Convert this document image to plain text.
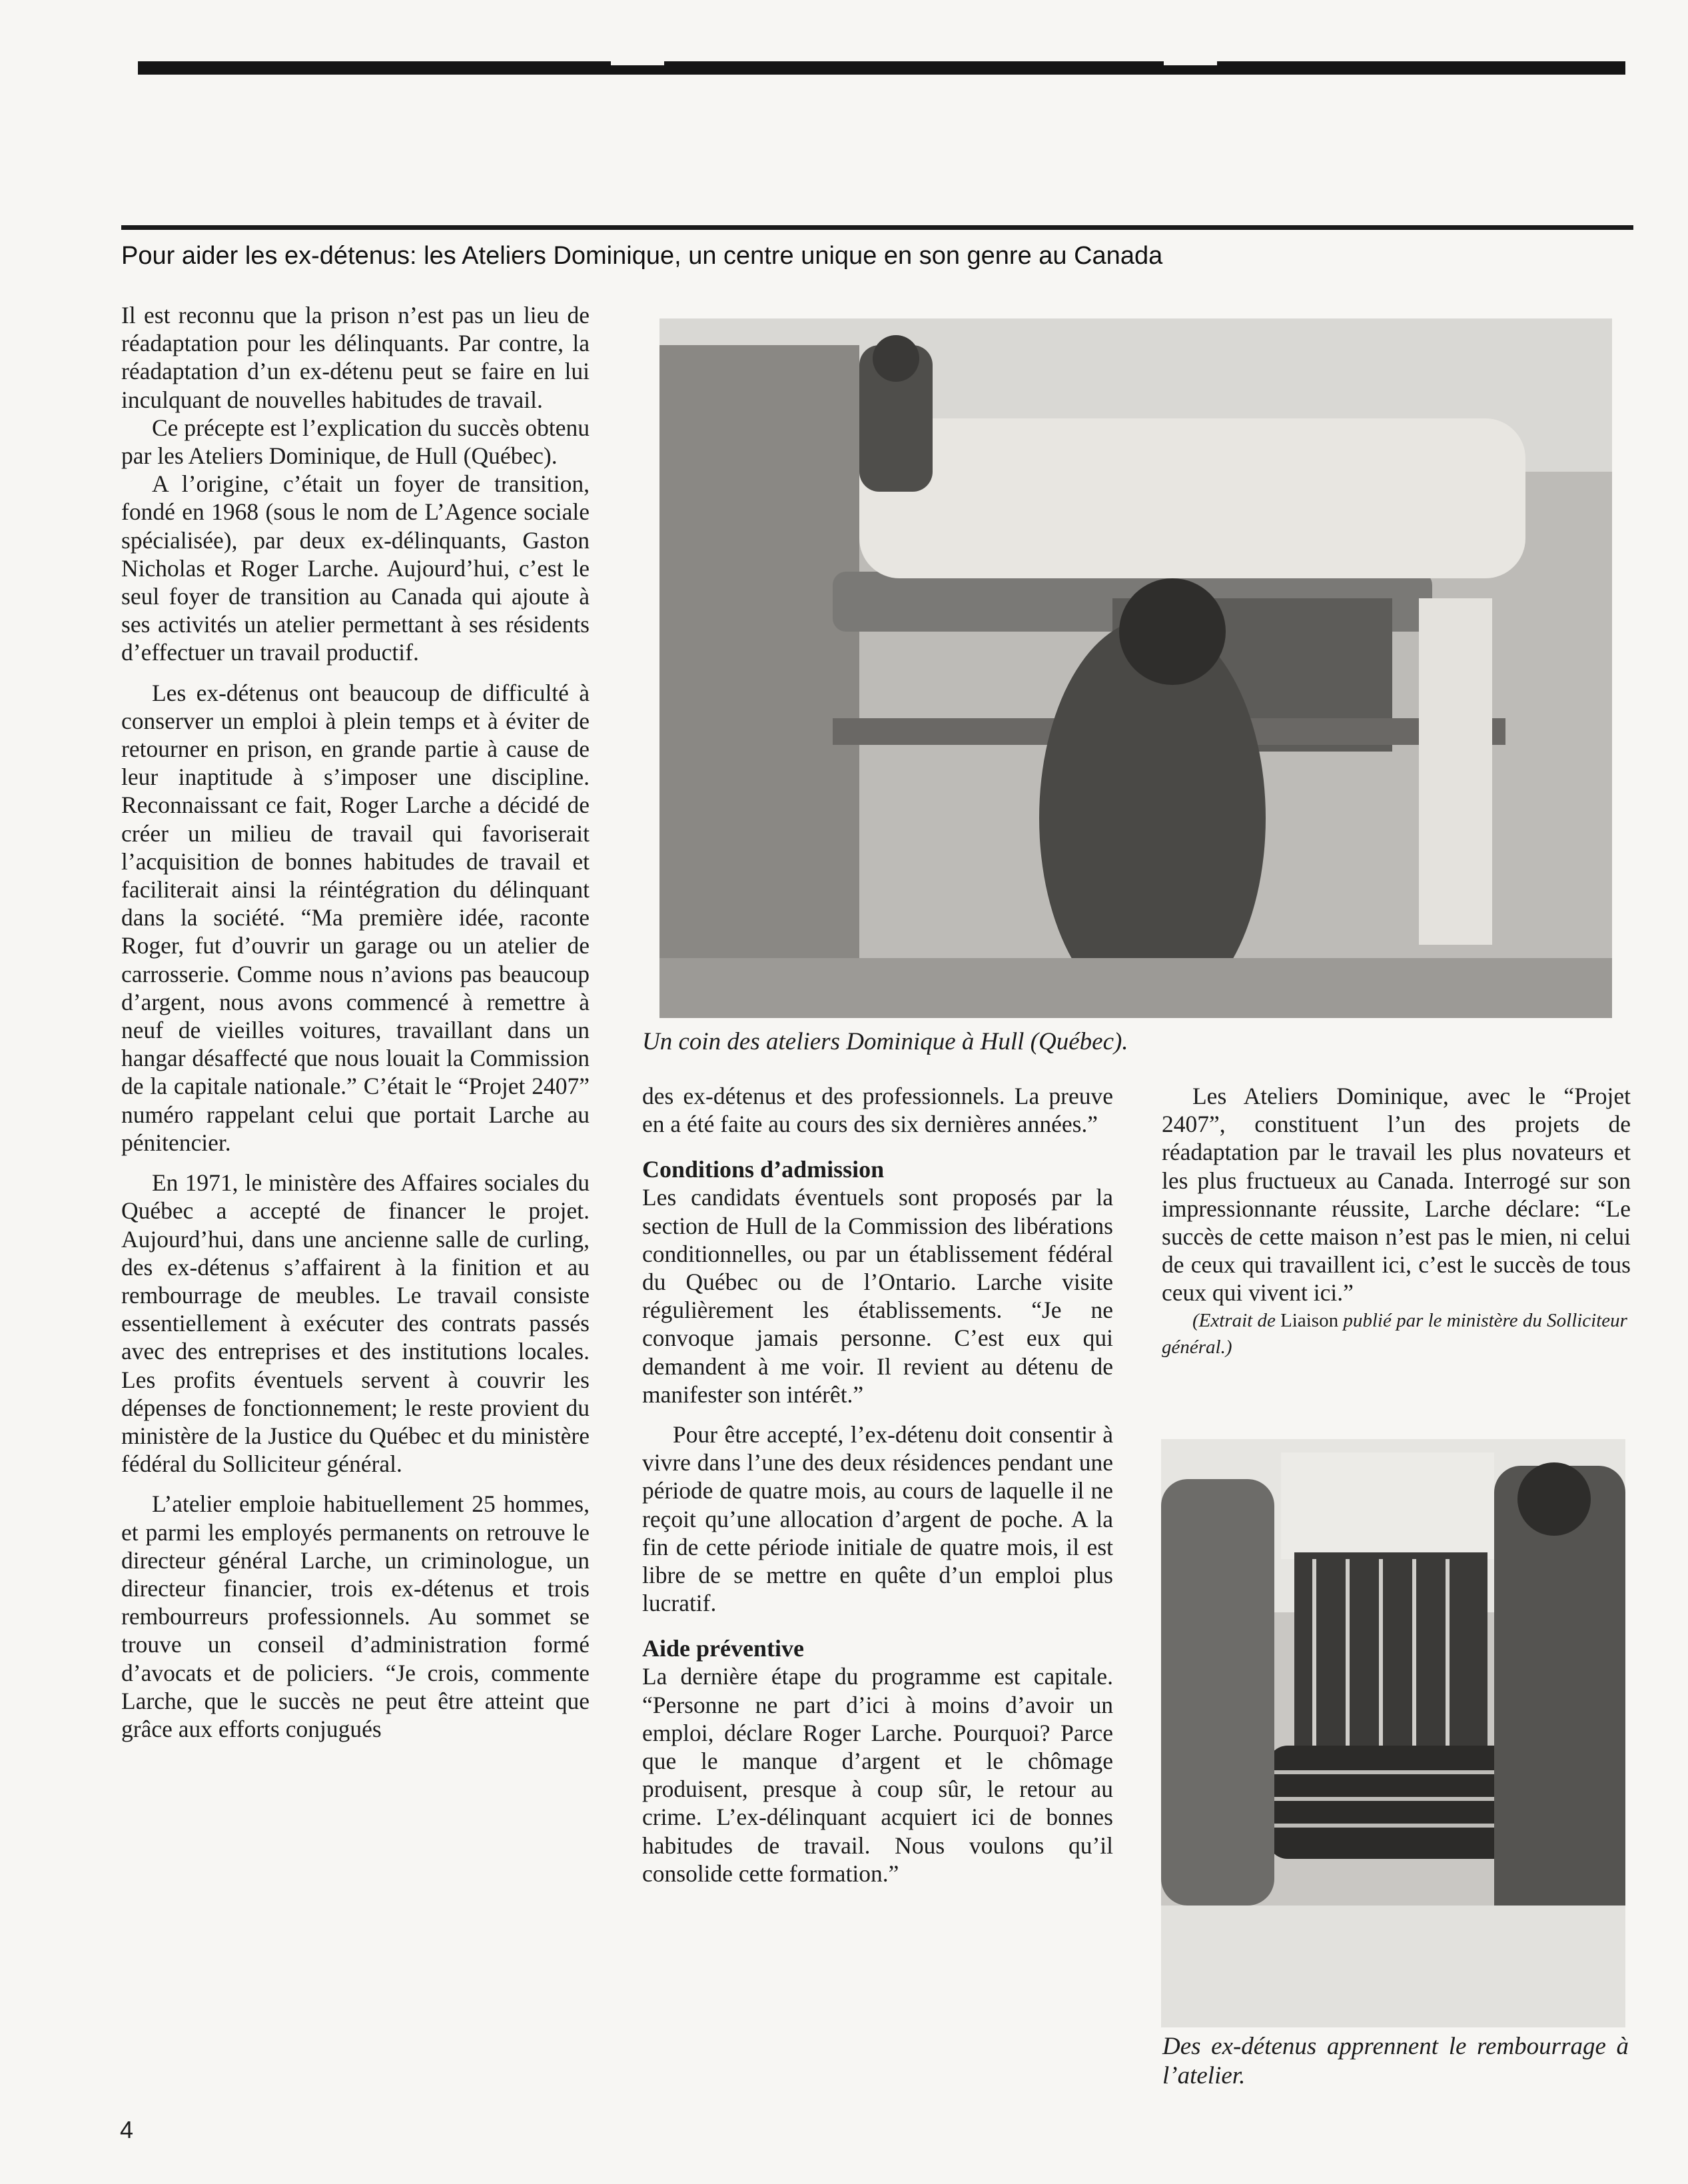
Pour aider les ex-détenus: les Ateliers Dominique, un centre unique en son genre au Canada

Il est reconnu que la prison n’est pas un lieu de réadaptation pour les délinquants. Par contre, la réadaptation d’un ex-détenu peut se faire en lui inculquant de nouvelles habitudes de travail.

Ce précepte est l’explication du succès obtenu par les Ateliers Dominique, de Hull (Québec).

A l’origine, c’était un foyer de transition, fondé en 1968 (sous le nom de L’Agence sociale spécialisée), par deux ex-délinquants, Gaston Nicholas et Roger Larche. Aujourd’hui, c’est le seul foyer de transition au Canada qui ajoute à ses activités un atelier permettant à ses résidents d’effectuer un travail productif.

Les ex-détenus ont beaucoup de difficulté à conserver un emploi à plein temps et à éviter de retourner en prison, en grande partie à cause de leur inaptitude à s’imposer une discipline. Reconnaissant ce fait, Roger Larche a décidé de créer un milieu de travail qui favoriserait l’acquisition de bonnes habitudes de travail et faciliterait ainsi la réintégration du délinquant dans la société. “Ma première idée, raconte Roger, fut d’ouvrir un garage ou un atelier de carrosserie. Comme nous n’avions pas beaucoup d’argent, nous avons commencé à remettre à neuf de vieilles voitures, travaillant dans un hangar désaffecté que nous louait la Commission de la capitale nationale.” C’était le “Projet 2407” numéro rappelant celui que portait Larche au pénitencier.

En 1971, le ministère des Affaires sociales du Québec a accepté de financer le projet. Aujourd’hui, dans une ancienne salle de curling, des ex-détenus s’affairent à la finition et au rembourrage de meubles. Le travail consiste essentiellement à exécuter des contrats passés avec des entreprises et des institutions locales. Les profits éventuels servent à couvrir les dépenses de fonctionnement; le reste provient du ministère de la Justice du Québec et du ministère fédéral du Solliciteur général.

L’atelier emploie habituellement 25 hommes, et parmi les employés permanents on retrouve le directeur général Larche, un criminologue, un directeur financier, trois ex-détenus et trois rembourreurs professionnels. Au sommet se trouve un conseil d’administration formé d’avocats et de policiers. “Je crois, commente Larche, que le succès ne peut être atteint que grâce aux efforts conjugués

Un coin des ateliers Dominique à Hull (Québec).

des ex-détenus et des professionnels. La preuve en a été faite au cours des six dernières années.”

Conditions d’admission

Les candidats éventuels sont proposés par la section de Hull de la Commission des libérations conditionnelles, ou par un établissement fédéral du Québec ou de l’Ontario. Larche visite régulièrement les établissements. “Je ne convoque jamais personne. C’est eux qui demandent à me voir. Il revient au détenu de manifester son intérêt.”

Pour être accepté, l’ex-détenu doit consentir à vivre dans l’une des deux résidences pendant une période de quatre mois, au cours de laquelle il ne reçoit qu’une allocation d’argent de poche. A la fin de cette période initiale de quatre mois, il est libre de se mettre en quête d’un emploi plus lucratif.

Aide préventive

La dernière étape du programme est capitale. “Personne ne part d’ici à moins d’avoir un emploi, déclare Roger Larche. Pourquoi? Parce que le manque d’argent et le chômage produisent, presque à coup sûr, le retour au crime. L’ex-délinquant acquiert ici de bonnes habitudes de travail. Nous voulons qu’il consolide cette formation.”

Les Ateliers Dominique, avec le “Projet 2407”, constituent l’un des projets de réadaptation par le travail les plus novateurs et les plus fructueux au Canada. Interrogé sur son impressionnante réussite, Larche déclare: “Le succès de cette maison n’est pas le mien, ni celui de ceux qui travaillent ici, c’est le succès de tous ceux qui vivent ici.”

(Extrait de Liaison publié par le ministère du Solliciteur général.)

Des ex-détenus apprennent le rembourrage à l’atelier.
4
